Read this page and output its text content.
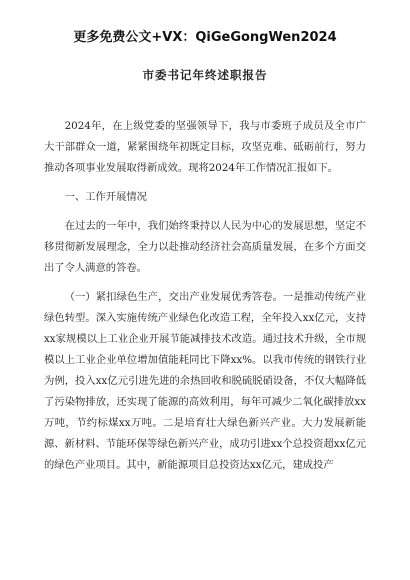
更多免费公文+VX：QiGeGongWen2024
市委书记年终述职报告

2024年，在上级党委的坚强领导下，我与市委班子成员及全市广大干部群众一道，紧紧围绕年初既定目标，攻坚克难、砥砺前行，努力推动各项事业发展取得新成效。现将2024年工作情况汇报如下。

一、工作开展情况

在过去的一年中，我们始终秉持以人民为中心的发展思想，坚定不移贯彻新发展理念，全力以赴推动经济社会高质量发展，在多个方面交出了令人满意的答卷。

（一）紧扣绿色生产，交出产业发展优秀答卷。一是推动传统产业绿色转型。深入实施传统产业绿色化改造工程，全年投入xx亿元，支持xx家规模以上工业企业开展节能减排技术改造。通过技术升级，全市规模以上工业企业单位增加值能耗同比下降xx%。以我市传统的钢铁行业为例，投入xx亿元引进先进的余热回收和脱硫脱硝设备，不仅大幅降低了污染物排放，还实现了能源的高效利用，每年可减少二氧化碳排放xx万吨，节约标煤xx万吨。二是培育壮大绿色新兴产业。大力发展新能源、新材料、节能环保等绿色新兴产业，成功引进xx个总投资超xx亿元的绿色产业项目。其中，新能源项目总投资达xx亿元，建成投产
